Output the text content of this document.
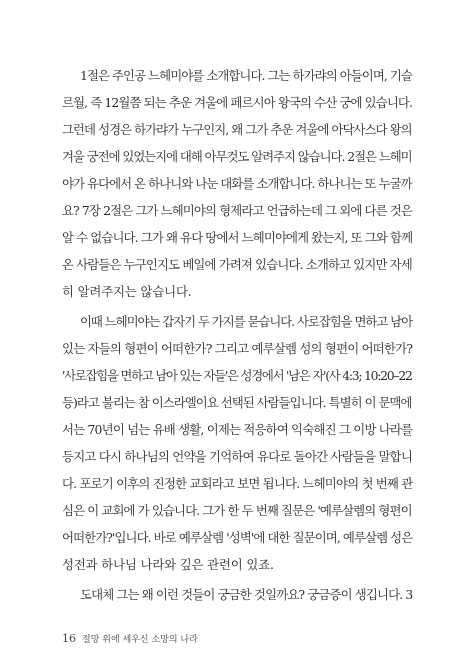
1절은 주인공 느헤미야를 소개합니다. 그는 하가랴의 아들이며, 기슬
르월, 즉 12월쯤 되는 추운 겨울에 페르시아 왕국의 수산 궁에 있습니다.
그런데 성경은 하가랴가 누구인지, 왜 그가 추운 겨울에 아닥사스다 왕의
겨울 궁전에 있었는지에 대해 아무것도 알려주지 않습니다. 2절은 느헤미
야가 유다에서 온 하나니와 나눈 대화를 소개합니다. 하나니는 또 누굴까
요? 7장 2절은 그가 느헤미야의 형제라고 언급하는데 그 외에 다른 것은
알 수 없습니다. 그가 왜 유다 땅에서 느헤미야에게 왔는지, 또 그와 함께
온 사람들은 누구인지도 베일에 가려져 있습니다. 소개하고 있지만 자세
히 알려주지는 않습니다.
이때 느헤미야는 갑자기 두 가지를 묻습니다. 사로잡힘을 면하고 남아
있는 자들의 형편이 어떠한가? 그리고 예루살렘 성의 형편이 어떠한가?
'사로잡힘을 면하고 남아 있는 자들'은 성경에서 '남은 자'(사 4:3; 10:20–22
등)라고 불리는 참 이스라엘이요 선택된 사람들입니다. 특별히 이 문맥에
서는 70년이 넘는 유배 생활, 이제는 적응하여 익숙해진 그 이방 나라를
등지고 다시 하나님의 언약을 기억하여 유다로 돌아간 사람들을 말합니
다. 포로기 이후의 진정한 교회라고 보면 됩니다. 느헤미야의 첫 번째 관
심은 이 교회에 가 있습니다. 그가 한 두 번째 질문은 '예루살렘의 형편이
어떠한가?'입니다. 바로 예루살렘 '성벽'에 대한 질문이며, 예루살렘 성은
성전과 하나님 나라와 깊은 관련이 있죠.
도대체 그는 왜 이런 것들이 궁금한 것일까요? 궁금증이 생깁니다. 3
16 절망 위에 세우신 소망의 나라
